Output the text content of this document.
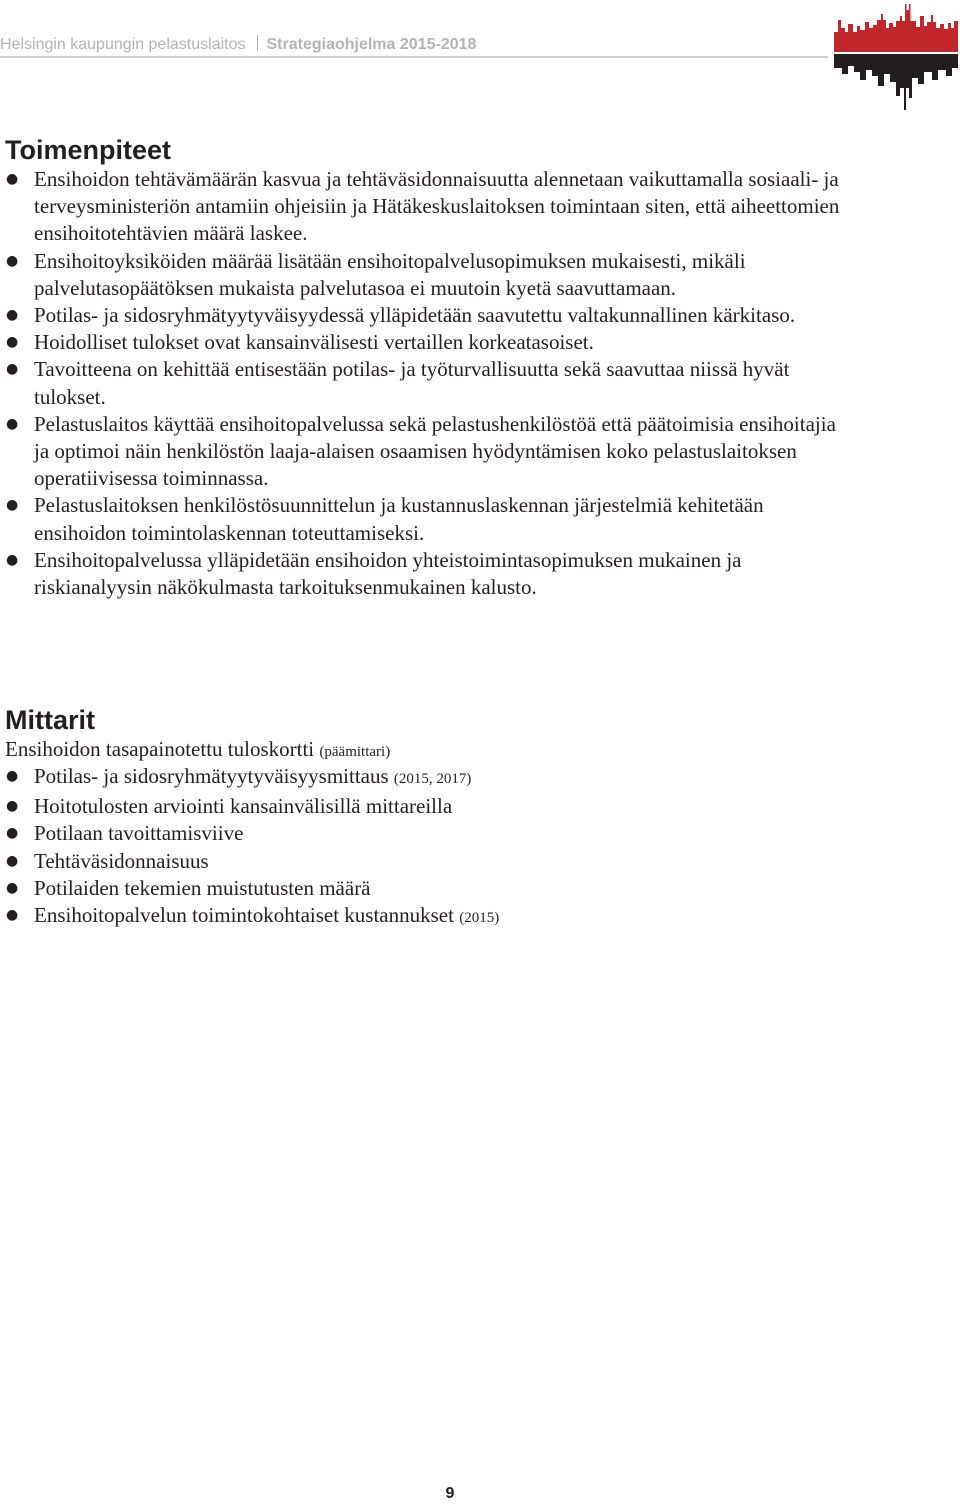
Helsingin kaupungin pelastuslaitos Strategiaohjelma 2015-2018
Toimenpiteet
● Ensihoidon tehtävämäärän kasvua ja tehtäväsidonnaisuutta alennetaan vaikuttamalla sosiaali- ja terveysministeriön antamiin ohjeisiin ja Hätäkeskuslaitoksen toimintaan siten, että aiheettomien ensihoitotehtävien määrä laskee.
● Ensihoitoyksiköiden määrää lisätään ensihoitopalvelusopimuksen mukaisesti, mikäli palvelutasopäätöksen mukaista palvelutasoa ei muutoin kyetä saavuttamaan.
● Potilas- ja sidosryhmätyytyväisyydessä ylläpidetään saavutettu valtakunnallinen kärkitaso.
● Hoidolliset tulokset ovat kansainvälisesti vertaillen korkeatasoiset.
● Tavoitteena on kehittää entisestään potilas- ja työturvallisuutta sekä saavuttaa niissä hyvät tulokset.
● Pelastuslaitos käyttää ensihoitopalvelussa sekä pelastushenkilöstöä että päätoimisia ensihoitajia ja optimoi näin henkilöstön laaja-alaisen osaamisen hyödyntämisen koko pelastuslaitoksen operatiivisessa toiminnassa.
● Pelastuslaitoksen henkilöstösuunnittelun ja kustannuslaskennan järjestelmiä kehitetään ensihoidon toimintolaskennan toteuttamiseksi.
● Ensihoitopalvelussa ylläpidetään ensihoidon yhteistoimintasopimuksen mukainen ja riskianalyysin näkökulmasta tarkoituksenmukainen kalusto.
Mittarit
Ensihoidon tasapainotettu tuloskortti (päämittari)
● Potilas- ja sidosryhmätyytyväisyysmittaus (2015, 2017)
● Hoitotulosten arviointi kansainvälisillä mittareilla
● Potilaan tavoittamisviive
● Tehtäväsidonnaisuus
● Potilaiden tekemien muistutusten määrä
● Ensihoitopalvelun toimintokohtaiset kustannukset (2015)
9
